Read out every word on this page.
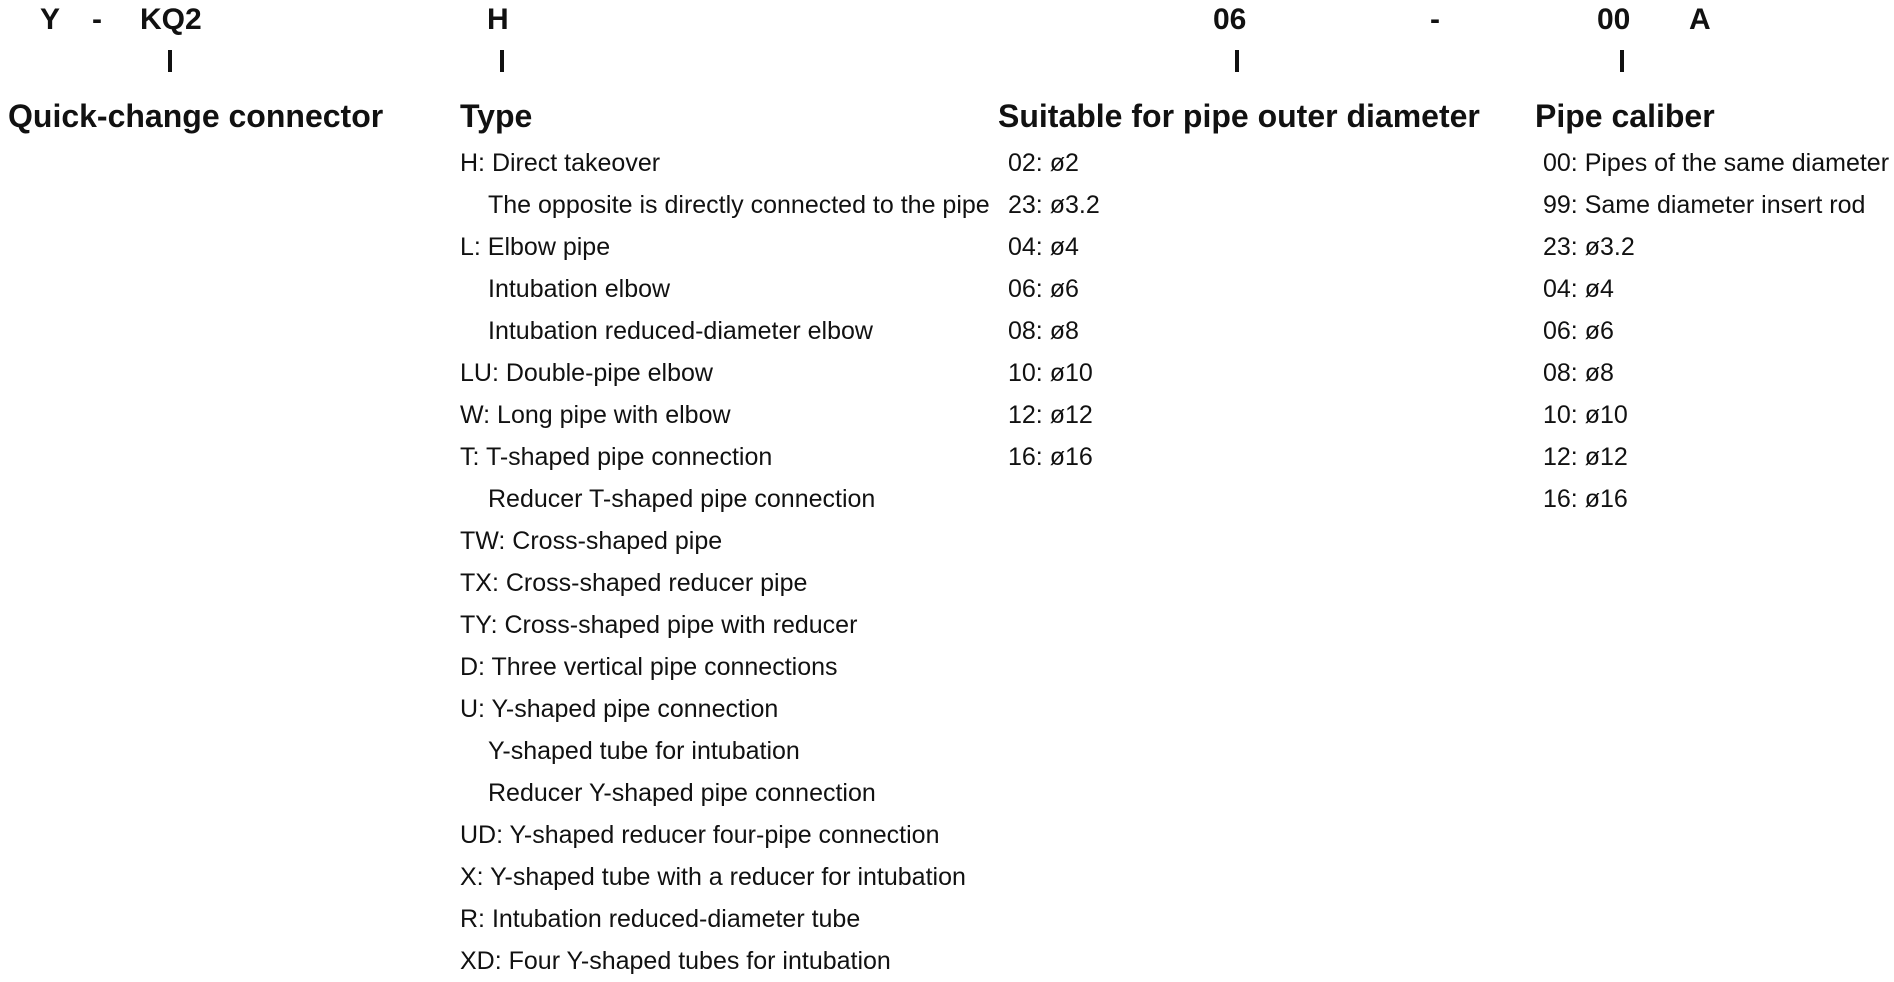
Y - KQ2	H	06	-	00 A
Quick-change connector Type	Suitable for pipe outer diameter Pipe caliber
H: Direct takeover
The opposite is directly connected to the pipe
L: Elbow pipe
Intubation elbow
Intubation reduced-diameter elbow
LU: Double-pipe elbow
W: Long pipe with elbow
T: T-shaped pipe connection
Reducer T-shaped pipe connection
TW: Cross-shaped pipe
TX: Cross-shaped reducer pipe
TY: Cross-shaped pipe with reducer
D: Three vertical pipe connections
U: Y-shaped pipe connection
Y-shaped tube for intubation
Reducer Y-shaped pipe connection
UD: Y-shaped reducer four-pipe connection
X: Y-shaped tube with a reducer for intubation
R: Intubation reduced-diameter tube
XD: Four Y-shaped tubes for intubation
02: ø2
23: ø3.2
04: ø4
06: ø6
08: ø8
10: ø10
12: ø12
16: ø16
00: Pipes of the same diameter
99: Same diameter insert rod
23: ø3.2
04: ø4
06: ø6
08: ø8
10: ø10
12: ø12
16: ø16
